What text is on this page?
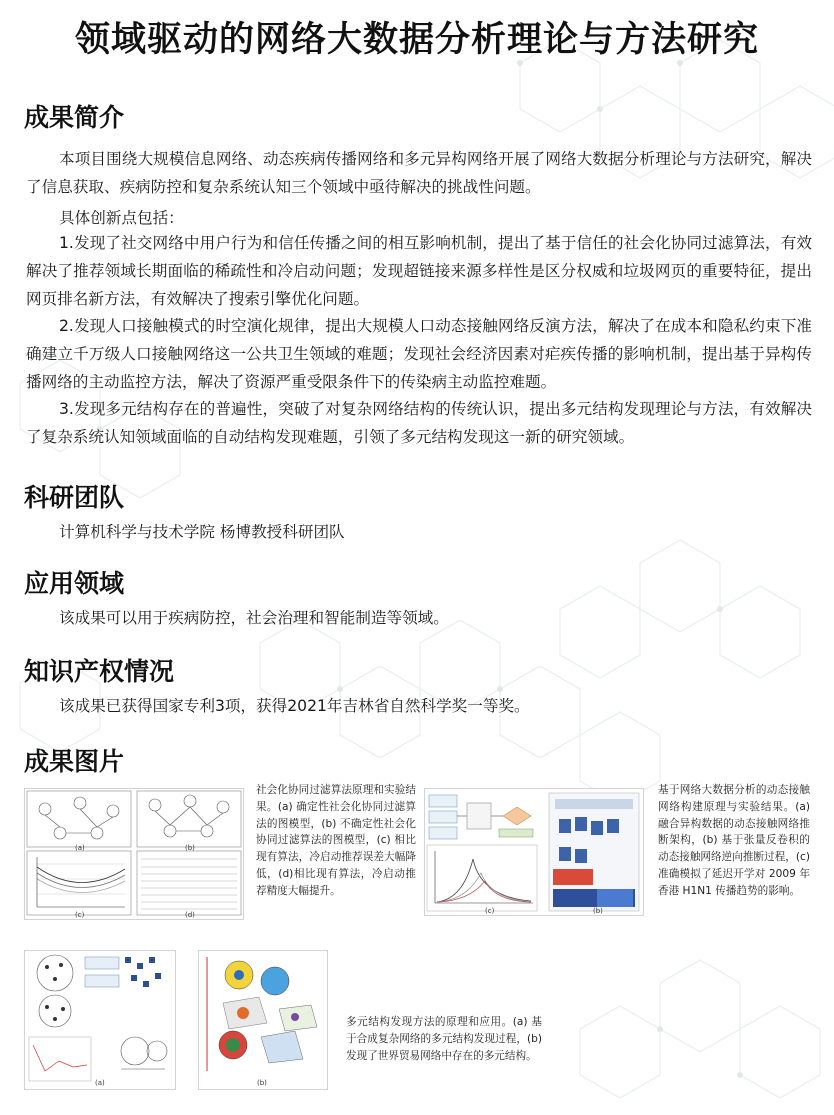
领域驱动的网络大数据分析理论与方法研究
成果简介

本项目围绕大规模信息网络、动态疾病传播网络和多元异构网络开展了网络大数据分析理论与方法研究，解决了信息获取、疾病防控和复杂系统认知三个领域中亟待解决的挑战性问题。

具体创新点包括：

1.发现了社交网络中用户行为和信任传播之间的相互影响机制，提出了基于信任的社会化协同过滤算法，有效解决了推荐领域长期面临的稀疏性和冷启动问题；发现超链接来源多样性是区分权威和垃圾网页的重要特征，提出网页排名新方法，有效解决了搜索引擎优化问题。

2.发现人口接触模式的时空演化规律，提出大规模人口动态接触网络反演方法，解决了在成本和隐私约束下准确建立千万级人口接触网络这一公共卫生领域的难题；发现社会经济因素对疟疾传播的影响机制，提出基于异构传播网络的主动监控方法，解决了资源严重受限条件下的传染病主动监控难题。

3.发现多元结构存在的普遍性，突破了对复杂网络结构的传统认识，提出多元结构发现理论与方法，有效解决了复杂系统认知领域面临的自动结构发现难题，引领了多元结构发现这一新的研究领域。

科研团队
计算机科学与技术学院 杨博教授科研团队
应用领域
该成果可以用于疾病防控，社会治理和智能制造等领域。
知识产权情况
该成果已获得国家专利3项，获得2021年吉林省自然科学奖一等奖。
成果图片
(a)	(b)
(c)	(d)
社会化协同过滤算法原理和实验结果。(a) 确定性社会化协同过滤算法的图模型，(b) 不确定性社会化协同过滤算法的图模型，(c) 相比现有算法，冷启动推荐误差大幅降低，(d)相比现有算法，冷启动推荐精度大幅提升。
(c)	(b)
基于网络大数据分析的动态接触网络构建原理与实验结果。(a) 融合异构数据的动态接触网络推断架构，(b) 基于张量反卷积的动态接触网络逆向推断过程，(c) 准确模拟了延迟开学对 2009 年香港 H1N1 传播趋势的影响。
(a)	(b)
多元结构发现方法的原理和应用。(a) 基于合成复杂网络的多元结构发现过程，(b)发现了世界贸易网络中存在的多元结构。
